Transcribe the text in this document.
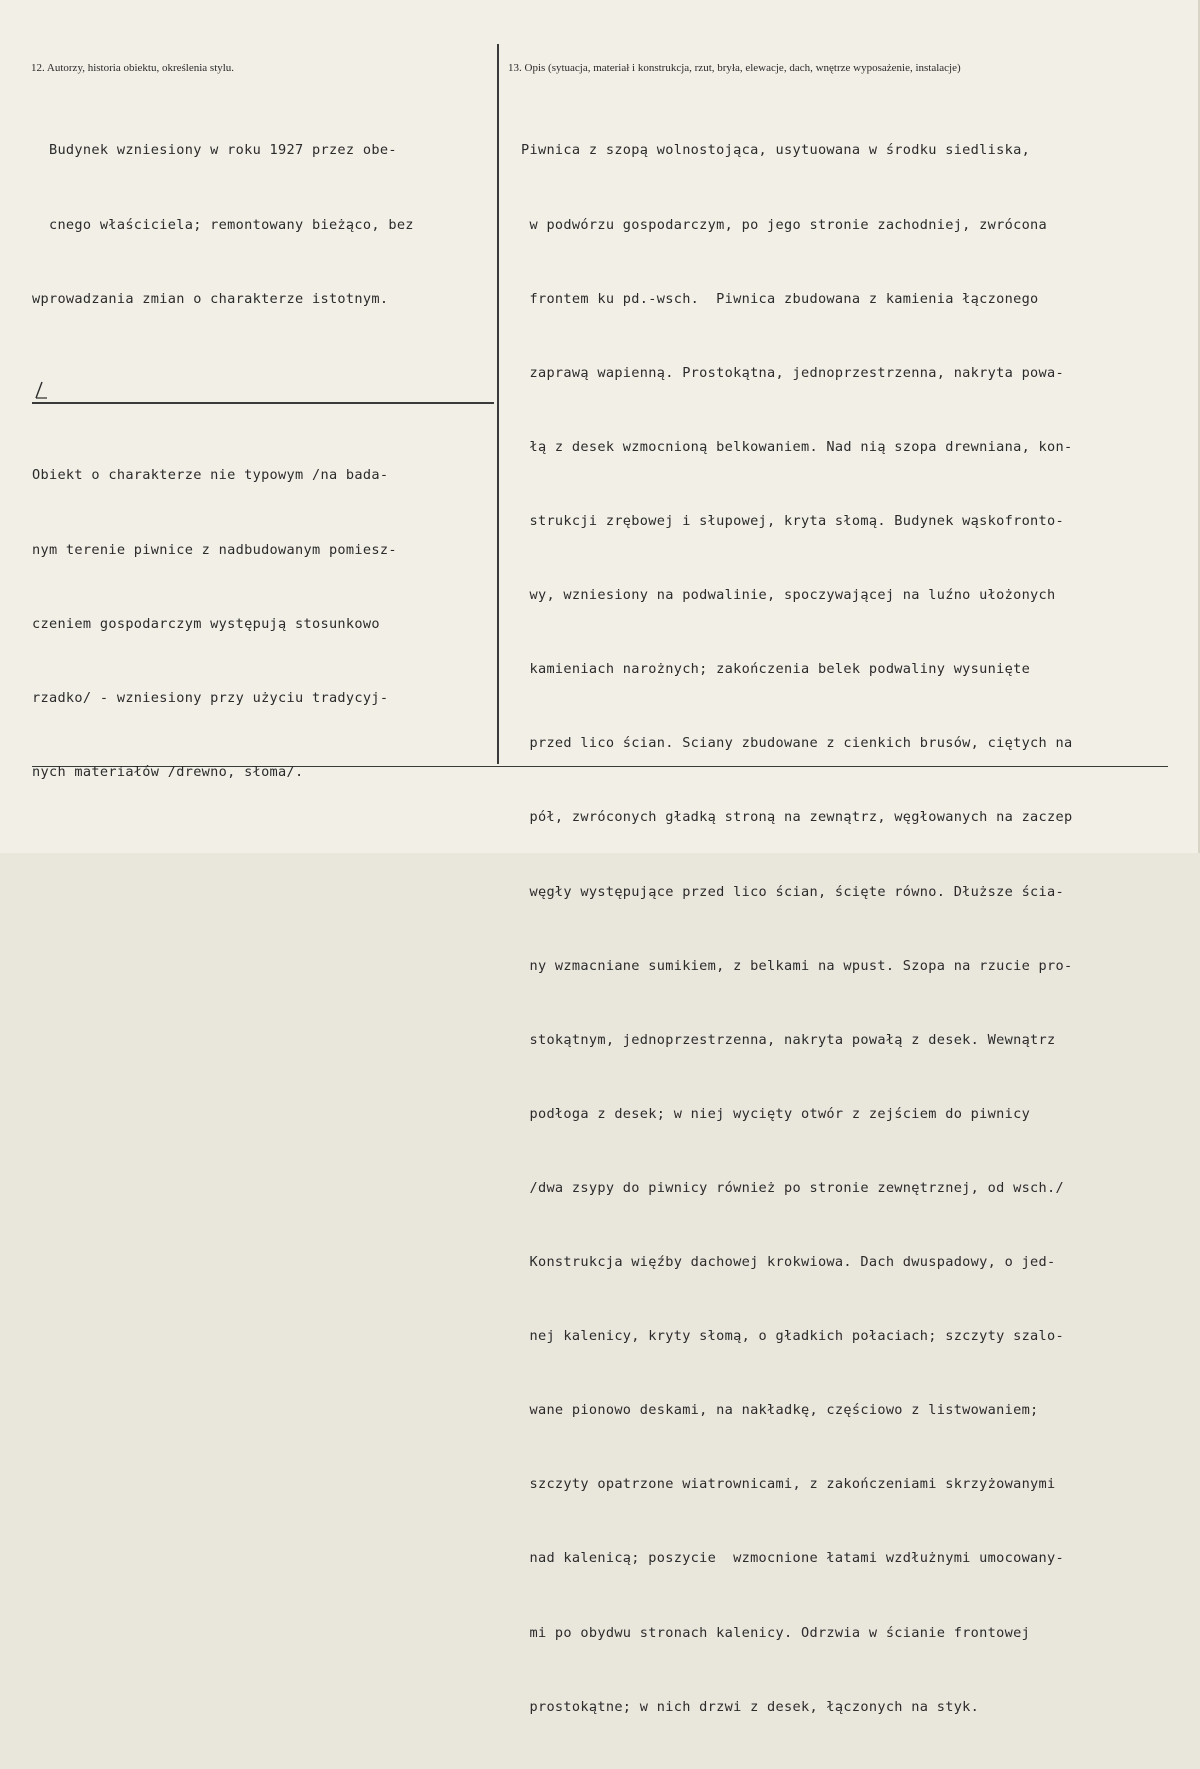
12. Autorzy, historia obiektu, określenia stylu.	13. Opis (sytuacja, materiał i konstrukcja, rzut, bryła, elewacje, dach, wnętrze wyposażenie, instalacje)

Budynek wzniesiony w roku 1927 przez obe-

cnego właściciela; remontowany bieżąco, bez

wprowadzania zmian o charakterze istotnym.

Obiekt o charakterze nie typowym /na bada-

nym terenie piwnice z nadbudowanym pomiesz-

czeniem gospodarczym występują stosunkowo

rzadko/ - wzniesiony przy użyciu tradycyj-

nych materiałów /drewno, słoma/.

Piwnica z szopą wolnostojąca, usytuowana w środku siedliska,

w podwórzu gospodarczym, po jego stronie zachodniej, zwrócona

frontem ku pd.-wsch.  Piwnica zbudowana z kamienia łączonego

zaprawą wapienną. Prostokątna, jednoprzestrzenna, nakryta powa-

łą z desek wzmocnioną belkowaniem. Nad nią szopa drewniana, kon-

strukcji zrębowej i słupowej, kryta słomą. Budynek wąskofronto-

wy, wzniesiony na podwalinie, spoczywającej na luźno ułożonych

kamieniach narożnych; zakończenia belek podwaliny wysunięte

przed lico ścian. Sciany zbudowane z cienkich brusów, ciętych na

pół, zwróconych gładką stroną na zewnątrz, węgłowanych na zaczep

węgły występujące przed lico ścian, ścięte równo. Dłuższe ścia-

ny wzmacniane sumikiem, z belkami na wpust. Szopa na rzucie pro-

stokątnym, jednoprzestrzenna, nakryta powałą z desek. Wewnątrz

podłoga z desek; w niej wycięty otwór z zejściem do piwnicy

/dwa zsypy do piwnicy również po stronie zewnętrznej, od wsch./

Konstrukcja więźby dachowej krokwiowa. Dach dwuspadowy, o jed-

nej kalenicy, kryty słomą, o gładkich połaciach; szczyty szalo-

wane pionowo deskami, na nakładkę, częściowo z listwowaniem;

szczyty opatrzone wiatrownicami, z zakończeniami skrzyżowanymi

nad kalenicą; poszycie  wzmocnione łatami wzdłużnymi umocowany-

mi po obydwu stronach kalenicy. Odrzwia w ścianie frontowej

prostokątne; w nich drzwi z desek, łączonych na styk.
